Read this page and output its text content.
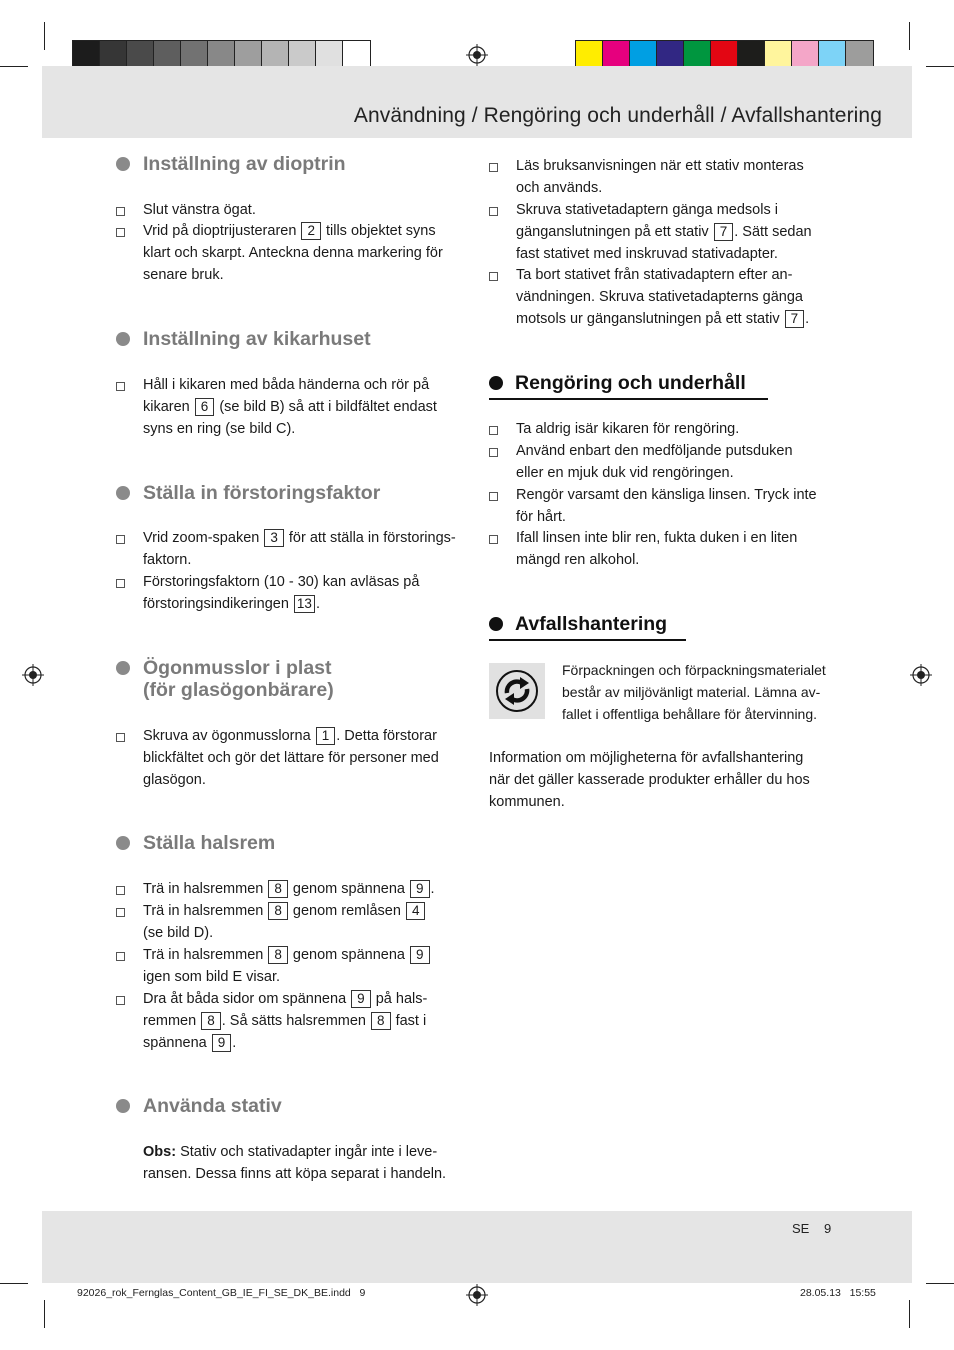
Användning / Rengöring och underhåll / Avfallshantering
Inställning av dioptrin
Slut vänstra ögat.
Vrid på dioptrijusteraren 2 tills objektet syns
klart och skarpt. Anteckna denna markering för
senare bruk.
Inställning av kikarhuset
Håll i kikaren med båda händerna och rör på
kikaren 6 (se bild B) så att i bildfältet endast
syns en ring (se bild C).
Ställa in förstoringsfaktor
Vrid zoom-spaken 3 för att ställa in förstorings-
faktorn.
Förstoringsfaktorn (10 - 30) kan avläsas på
förstoringsindikeringen 13 .
Ögonmusslor i plast
(för glasögonbärare)
Skruva av ögonmusslorna 1 . Detta förstorar
blickfältet och gör det lättare för personer med
glasögon.
Ställa halsrem
Trä in halsremmen 8 genom spännena 9 .
Trä in halsremmen 8 genom remlåsen 4
(se bild D).
Trä in halsremmen 8 genom spännena 9
igen som bild E visar.
Dra åt båda sidor om spännena 9 på hals-
remmen 8 . Så sätts halsremmen 8 fast i
spännena 9 .
Använda stativ
Obs: Stativ och stativadapter ingår inte i leve-
ransen. Dessa finns att köpa separat i handeln.
Läs bruksanvisningen när ett stativ monteras
och används.
Skruva stativetadaptern gänga medsols i
gänganslutningen på ett stativ 7 . Sätt sedan
fast stativet med inskruvad stativadapter.
Ta bort stativet från stativadaptern efter an-
vändningen. Skruva stativetadapterns gänga
motsols ur gänganslutningen på ett stativ 7 .
Rengöring och underhåll
Ta aldrig isär kikaren för rengöring.
Använd enbart den medföljande putsduken
eller en mjuk duk vid rengöringen.
Rengör varsamt den känsliga linsen. Tryck inte
för hårt.
Ifall linsen inte blir ren, fukta duken i en liten
mängd ren alkohol.
Avfallshantering
Förpackningen och förpackningsmaterialet
består av miljövänligt material. Lämna av-
fallet i offentliga behållare för återvinning.
Information om möjligheterna för avfallshantering
när det gäller kasserade produkter erhåller du hos
kommunen.
SE 9
92026_rok_Fernglas_Content_GB_IE_FI_SE_DK_BE.indd   9	28.05.13   15:55
